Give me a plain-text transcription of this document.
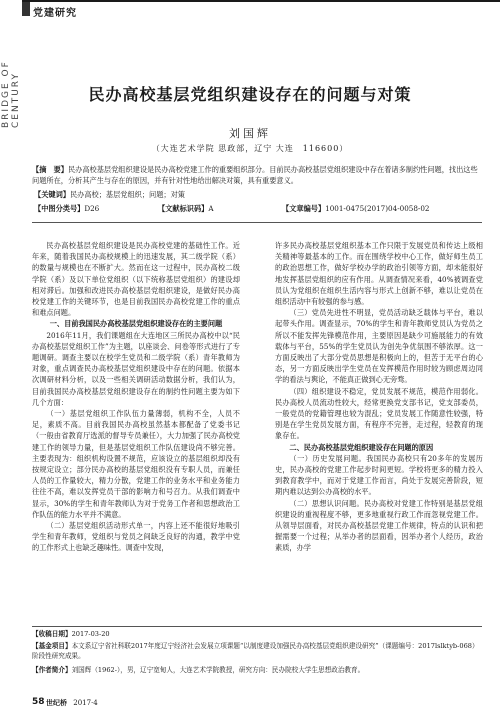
党建研究
BRIDGE OF CENTURY	民办高校基层党组织建设存在的问题与对策
刘国辉
（大连艺术学院 思政部，辽宁 大连　116600）
【摘　要】民办高校基层党组织建设是民办高校党建工作的重要组织部分。目前民办高校基层党组织建设中存在着诸多制约性问题，找出这些问题所在，分析其产生与存在的原因，并有针对性地给出解决对策，具有重要意义。
【关键词】民办高校；基层党组织；问题；对策
【中图分类号】D26	【文献标识码】A	【文章编号】1001-0475(2017)04-0058-02

民办高校基层党组织建设是民办高校党建的基础性工作。近年来，随着我国民办高校规模上的迅速发展，其二级学院（系）的数量与规模也在不断扩大。然而在这一过程中，民办高校二级学院（系）及以下单位党组织（以下统称基层党组织）的建设却相对滞后。加强和改进民办高校基层党组织建设，是做好民办高校党建工作的关键环节，也是目前我国民办高校党建工作的重点和难点问题。

一、目前我国民办高校基层党组织建设存在的主要问题

2016年11月，我们课题组在大连地区三所民办高校中以“民办高校基层党组织工作”为主题，以座谈会、问卷等形式进行了专题调研。调查主要以在校学生党员和二级学院（系）青年教师为对象，重点调查民办高校基层党组织建设中存在的问题。依据本次调研材料分析，以及一些相关调研活动数据分析，我们认为，目前我国民办高校基层党组织建设存在的制约性问题主要为如下几个方面：

（一）基层党组织工作队伍力量薄弱，机构不全，人员不足，素质不高。目前我国民办高校虽然基本都配备了党委书记（一般由省教育厅选派的督导专员兼任），大力加强了民办高校党建工作的领导力量，但是基层党组织工作队伍建设尚不够完善。主要表现为：组织机构设置不规范，应该设立的基层组织却没有按规定设立；部分民办高校的基层党组织没有专职人员，而兼任人员的工作量较大，精力分散，党建工作的业务水平和业务能力往往不高，难以发挥党员干部的影响力和号召力。从我们调查中显示，30%的学生和青年教师认为对于党务工作者和思想政治工作队伍的能力水平并不满意。

（二）基层党组织活动形式单一，内容上还不能很好地吸引学生和青年教师，党组织与党员之间缺乏良好的沟通，教学中党的工作形式上也缺乏趣味性。调查中发现，

许多民办高校基层党组织基本工作只限于发展党员和传达上级相关精神等最基本的工作。而在围绕学校中心工作，做好师生员工的政治思想工作，做好学校办学的政治引领等方面，却未能很好地发挥基层党组织的应有作用。从调查情况来看，40%被调查党员认为党组织在组织生活内容与形式上创新不够，难以让党员在组织活动中有较强的参与感。

（三）党员先进性不明显，党员活动缺乏载体与平台，难以起带头作用。调查显示，70%的学生和青年教师党员认为党员之所以不能发挥先锋模范作用，主要原因是缺少可施展能力的有效载体与平台，55%的学生党员认为创先争优氛围不够浓厚。这一方面反映出了大部分党员思想是积极向上的，但苦于无平台的心态，另一方面反映出学生党员在发挥模范作用时较为顾虑周边同学的看法与舆论，不能真正做到心无旁骛。

（四）组织建设不稳定，党员发展不规范，模范作用弱化。民办高校人员流动性较大，经常更换党支部书记，党支部委员，一般党员的党籍管理也较为混乱；党员发展工作随意性较强，特别是在学生党员发展方面，有程序不完善，走过程，轻教育的现象存在。

二、民办高校基层党组织建设存在问题的原因

（一）历史发展问题。我国民办高校只有20多年的发展历史，民办高校的党建工作起步时间更短。学校将更多的精力投入到教育教学中，而对于党建工作而言，尚处于发展完善阶段，短期内难以达到公办高校的水平。

（二）思想认识问题。民办高校对党建工作特别是基层党组织建设的重视程度不够，更多地重视行政工作而忽视党建工作。从领导层面看，对民办高校基层党建工作规律，特点的认识和把握需要一个过程；从举办者的层面看，因举办者个人经历，政治素质，办学

【收稿日期】2017-03-20
【基金项目】本文系辽宁省社科联2017年度辽宁经济社会发展立项课题“以制度建设加强民办高校基层党组织建设研究”（课题编号：2017lslktyb-068）阶段性研究成果。
【作者简介】刘国辉（1962-），男，辽宁宽甸人，大连艺术学院教授，研究方向：民办院校大学生思想政治教育。
58 世纪桥 2017·4
